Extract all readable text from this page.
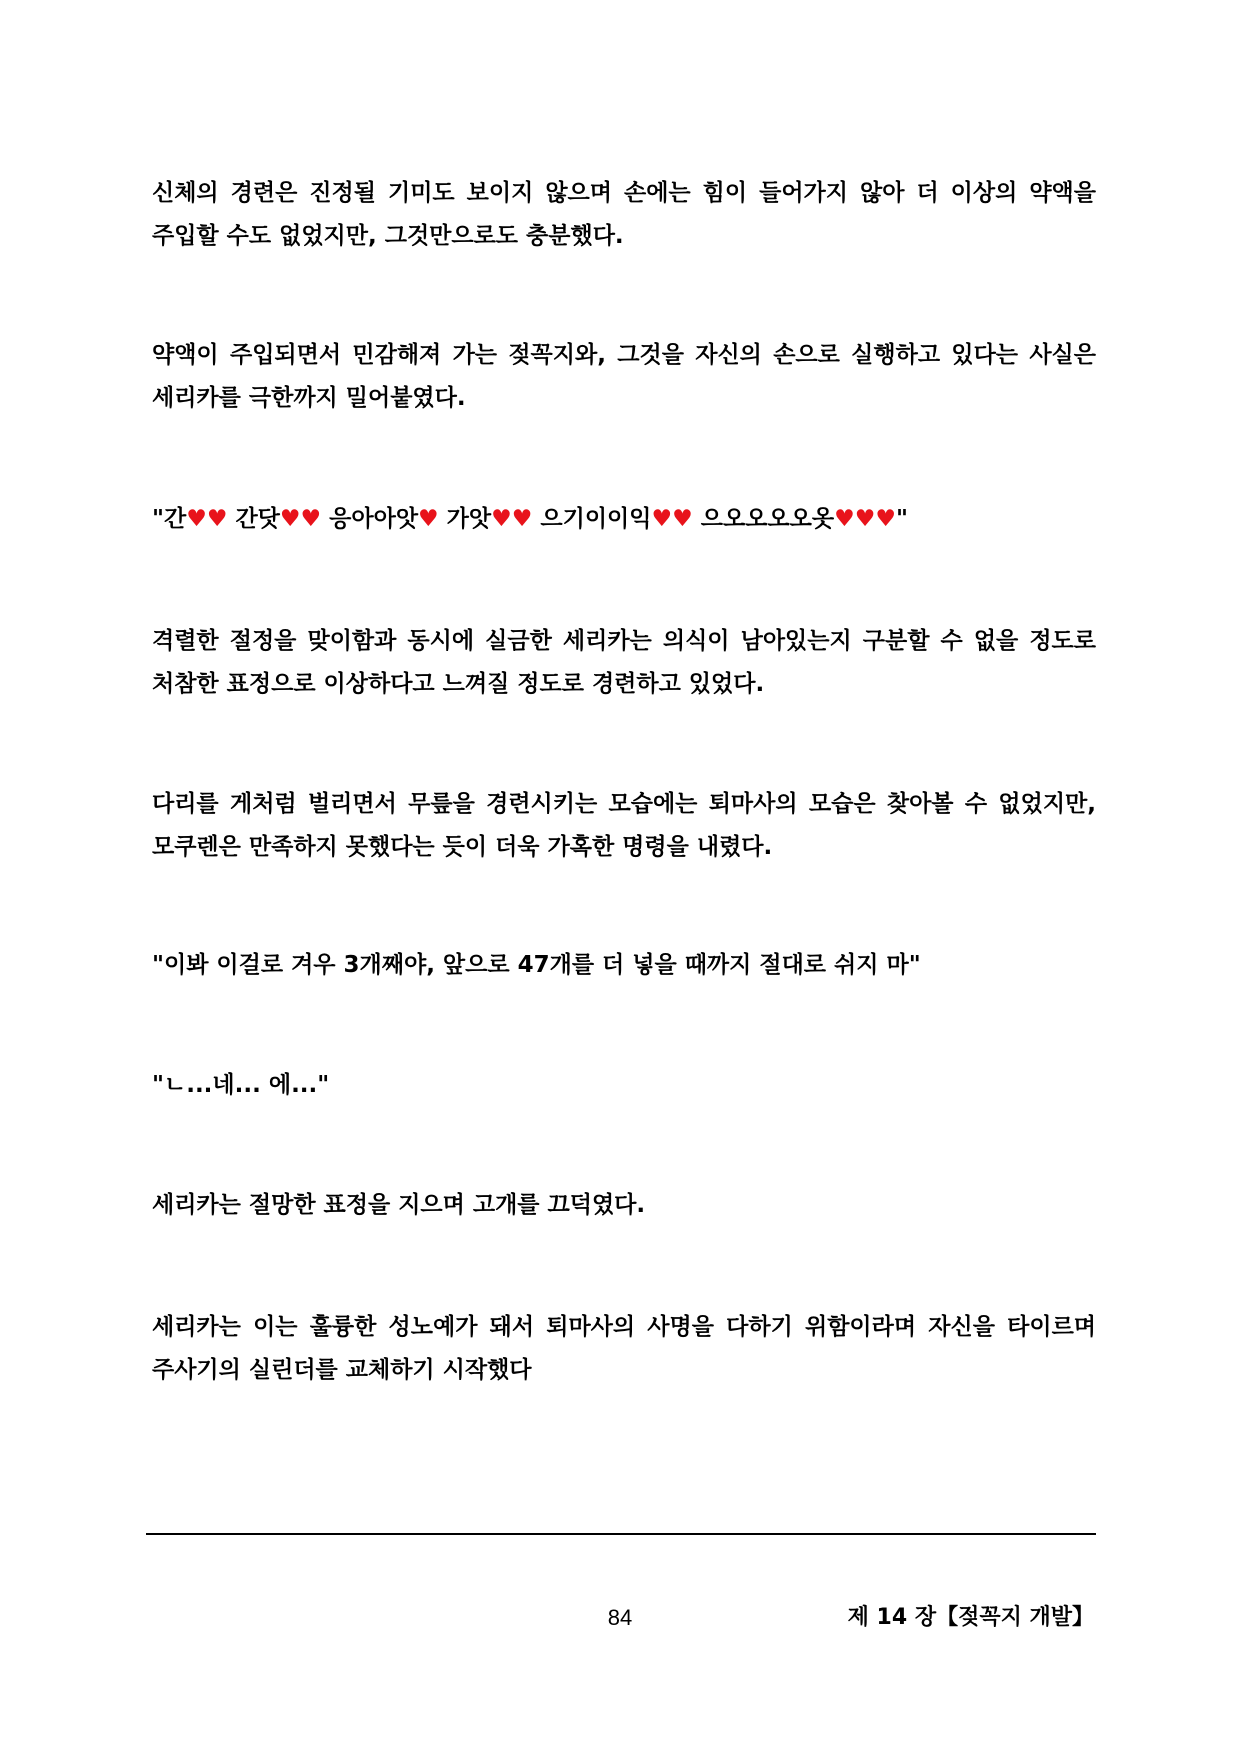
신체의 경련은 진정될 기미도 보이지 않으며 손에는 힘이 들어가지 않아 더 이상의 약액을 주입할 수도 없었지만, 그것만으로도 충분했다.

약액이 주입되면서 민감해져 가는 젖꼭지와, 그것을 자신의 손으로 실행하고 있다는 사실은 세리카를 극한까지 밀어붙였다.

"간♥♥ 간닷♥♥ 응아아앗♥ 가앗♥♥ 으기이이익♥♥ 으오오오오옷♥♥♥"

격렬한 절정을 맞이함과 동시에 실금한 세리카는 의식이 남아있는지 구분할 수 없을 정도로 처참한 표정으로 이상하다고 느껴질 정도로 경련하고 있었다.

다리를 게처럼 벌리면서 무릎을 경련시키는 모습에는 퇴마사의 모습은 찾아볼 수 없었지만, 모쿠렌은 만족하지 못했다는 듯이 더욱 가혹한 명령을 내렸다.

"이봐 이걸로 겨우 3개째야, 앞으로 47개를 더 넣을 때까지 절대로 쉬지 마"

"ㄴ...네... 에..."

세리카는 절망한 표정을 지으며 고개를 끄덕였다.

세리카는 이는 훌륭한 성노예가 돼서 퇴마사의 사명을 다하기 위함이라며 자신을 타이르며 주사기의 실린더를 교체하기 시작했다

84	제 14 장【젖꼭지 개발】
